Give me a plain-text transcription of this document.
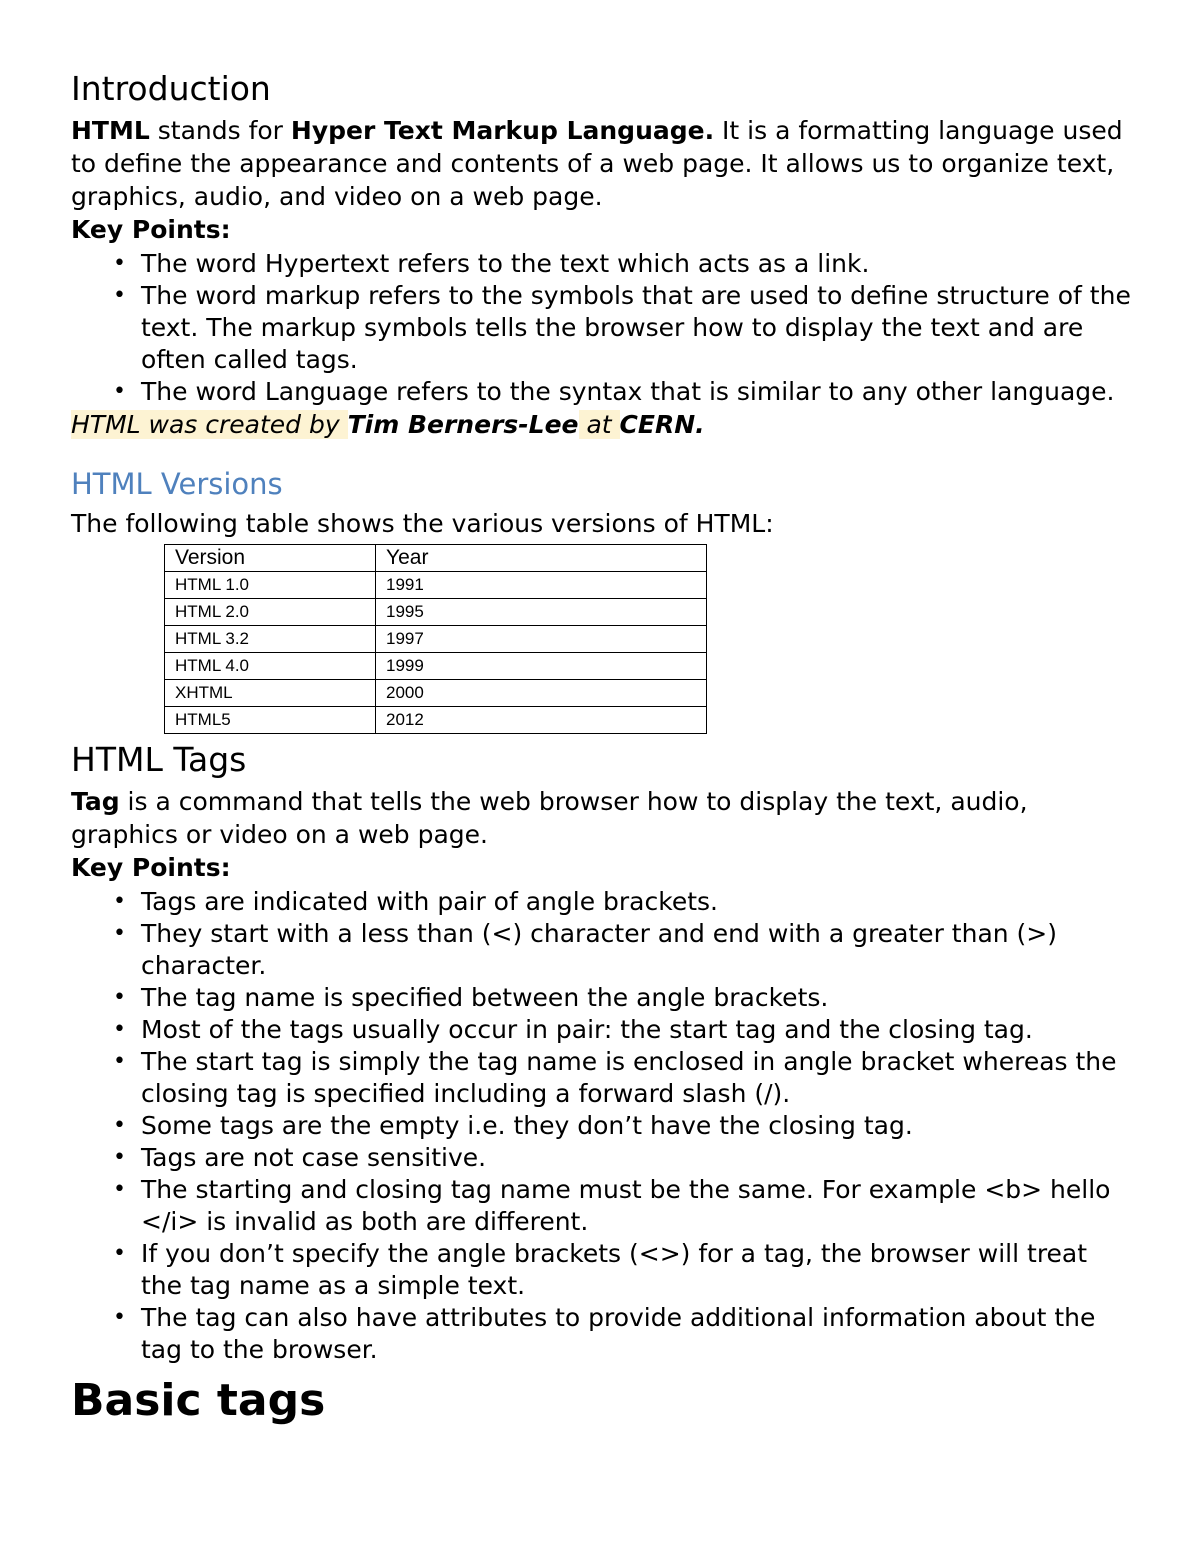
Introduction

HTML stands for Hyper Text Markup Language. It is a formatting language used to define the appearance and contents of a web page. It allows us to organize text, graphics, audio, and video on a web page.

Key Points:

• The word Hypertext refers to the text which acts as a link.
• The word markup refers to the symbols that are used to define structure of the text. The markup symbols tells the browser how to display the text and are often called tags.
• The word Language refers to the syntax that is similar to any other language.

HTML was created by Tim Berners-Lee at CERN.

HTML Versions

The following table shows the various versions of HTML:

Version	Year
HTML 1.0	1991
HTML 2.0	1995
HTML 3.2	1997
HTML 4.0	1999
XHTML	2000
HTML5	2012
HTML Tags

Tag is a command that tells the web browser how to display the text, audio, graphics or video on a web page.

Key Points:

• Tags are indicated with pair of angle brackets.
• They start with a less than (<) character and end with a greater than (>) character.
• The tag name is specified between the angle brackets.
• Most of the tags usually occur in pair: the start tag and the closing tag.
• The start tag is simply the tag name is enclosed in angle bracket whereas the closing tag is specified including a forward slash (/).
• Some tags are the empty i.e. they don’t have the closing tag.
• Tags are not case sensitive.
• The starting and closing tag name must be the same. For example <b> hello </i> is invalid as both are different.
• If you don’t specify the angle brackets (<>) for a tag, the browser will treat the tag name as a simple text.
• The tag can also have attributes to provide additional information about the tag to the browser.
Basic tags
